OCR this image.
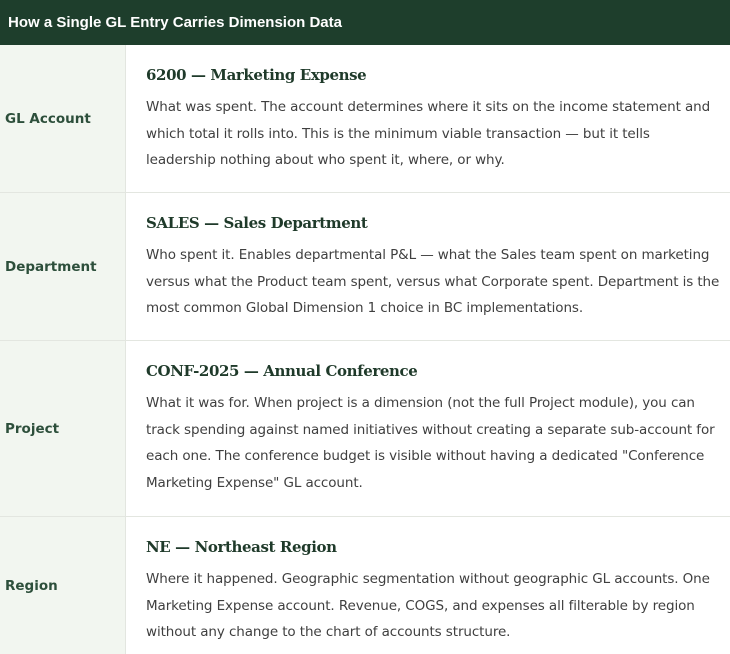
How a Single GL Entry Carries Dimension Data
GL Account
6200 — Marketing Expense
What was spent. The account determines where it sits on the income statement and which total it rolls into. This is the minimum viable transaction — but it tells leadership nothing about who spent it, where, or why.
Department
SALES — Sales Department
Who spent it. Enables departmental P&L — what the Sales team spent on marketing versus what the Product team spent, versus what Corporate spent. Department is the most common Global Dimension 1 choice in BC implementations.
Project
CONF-2025 — Annual Conference
What it was for. When project is a dimension (not the full Project module), you can track spending against named initiatives without creating a separate sub-account for each one. The conference budget is visible without having a dedicated "Conference Marketing Expense" GL account.
Region
NE — Northeast Region
Where it happened. Geographic segmentation without geographic GL accounts. One Marketing Expense account. Revenue, COGS, and expenses all filterable by region without any change to the chart of accounts structure.
